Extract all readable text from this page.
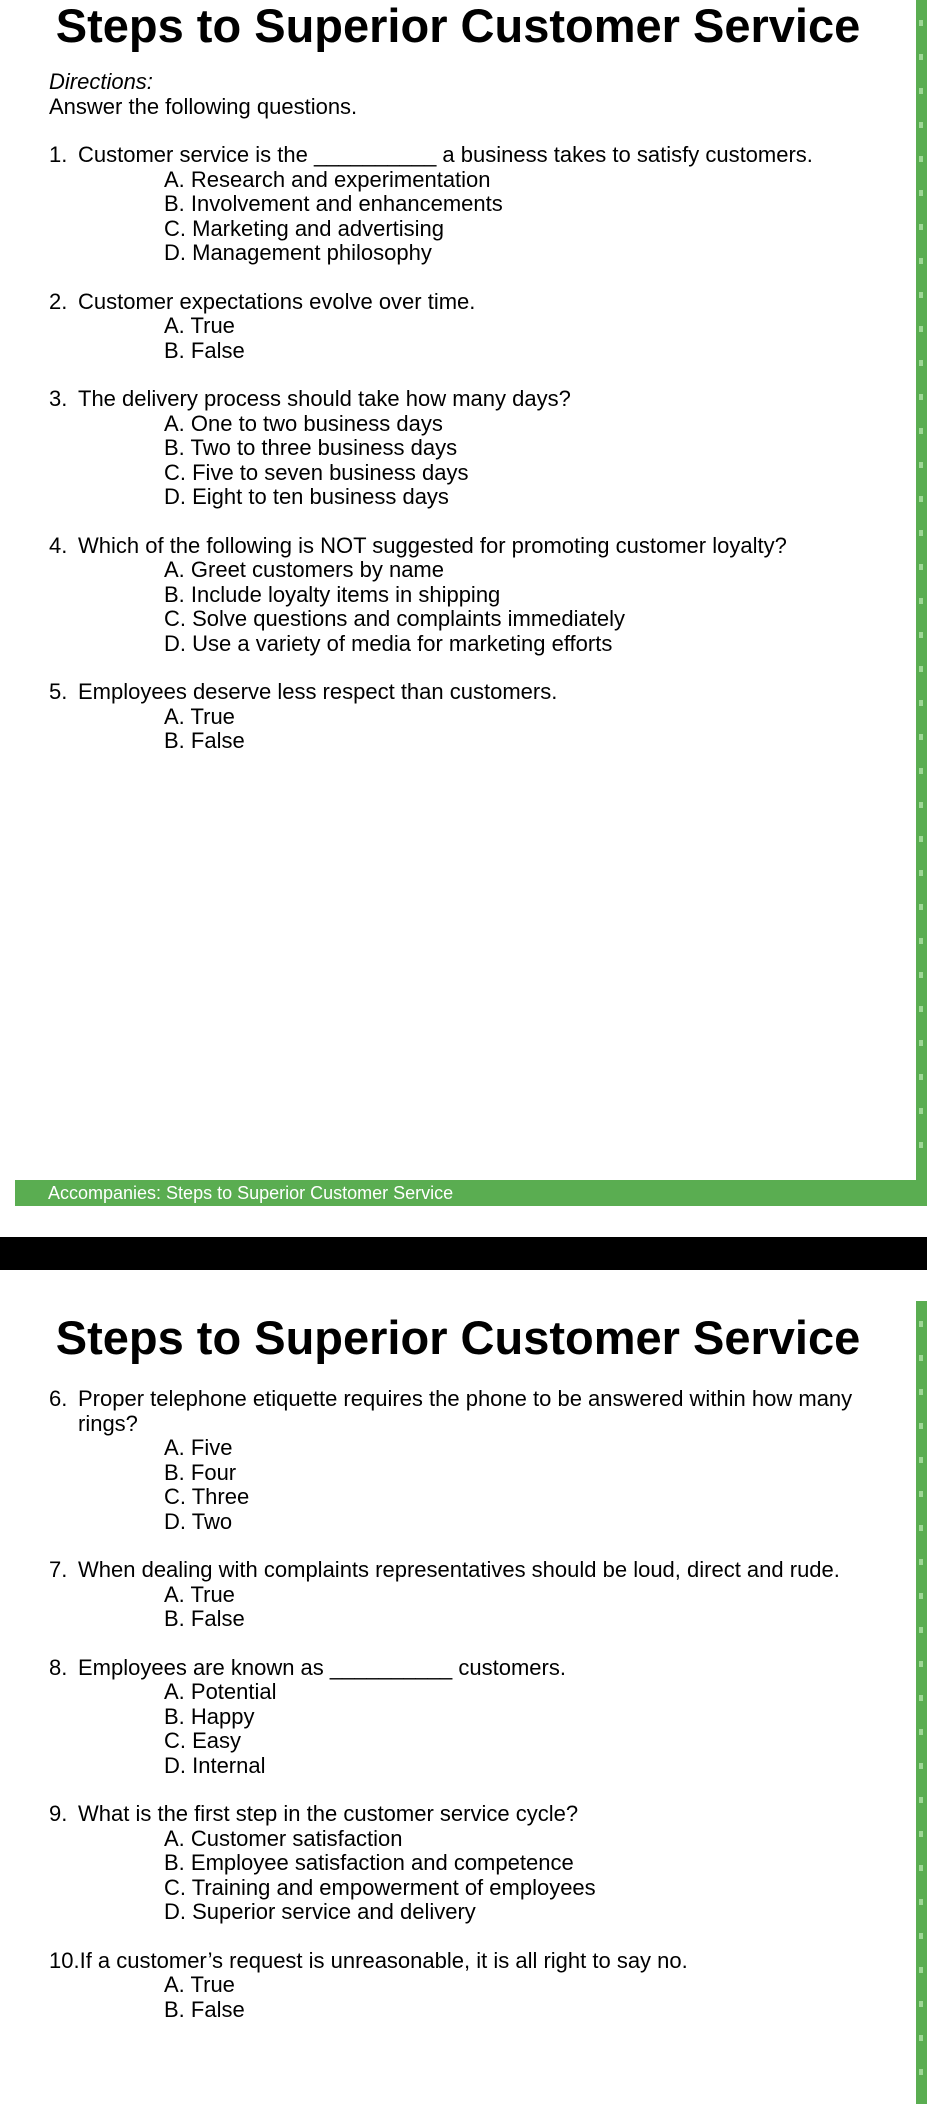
Steps to Superior Customer Service
Directions:
Answer the following questions.
1. Customer service is the __________ a business takes to satisfy customers.
A. Research and experimentation
B. Involvement and enhancements
C. Marketing and advertising
D. Management philosophy
2. Customer expectations evolve over time.
A. True
B. False
3. The delivery process should take how many days?
A. One to two business days
B. Two to three business days
C. Five to seven business days
D. Eight to ten business days
4. Which of the following is NOT suggested for promoting customer loyalty?
A. Greet customers by name
B. Include loyalty items in shipping
C. Solve questions and complaints immediately
D. Use a variety of media for marketing efforts
5. Employees deserve less respect than customers.
A. True
B. False
Accompanies: Steps to Superior Customer Service
Steps to Superior Customer Service
6. Proper telephone etiquette requires the phone to be answered within how many rings?
A. Five
B. Four
C. Three
D. Two
7. When dealing with complaints representatives should be loud, direct and rude.
A. True
B. False
8. Employees are known as __________ customers.
A. Potential
B. Happy
C. Easy
D. Internal
9. What is the first step in the customer service cycle?
A. Customer satisfaction
B. Employee satisfaction and competence
C. Training and empowerment of employees
D. Superior service and delivery
10. If a customer’s request is unreasonable, it is all right to say no.
A. True
B. False
